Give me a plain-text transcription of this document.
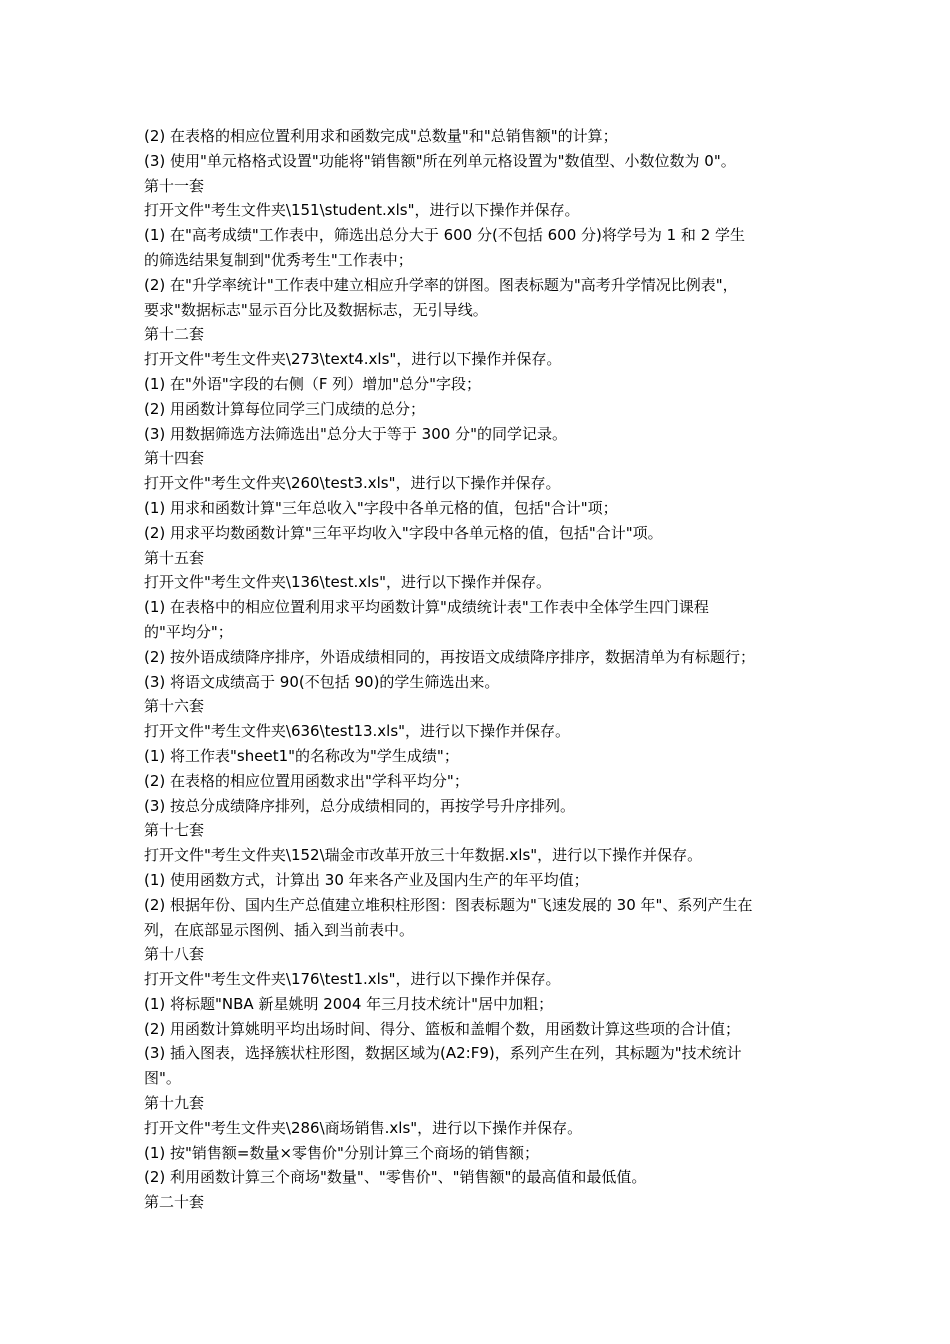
(2) 在表格的相应位置利用求和函数完成"总数量"和"总销售额"的计算；
(3) 使用"单元格格式设置"功能将"销售额"所在列单元格设置为"数值型、小数位数为 0"。
第十一套
打开文件"考生文件夹\151\student.xls"，进行以下操作并保存。
(1) 在"高考成绩"工作表中，筛选出总分大于 600 分(不包括 600 分)将学号为 1 和 2 学生
的筛选结果复制到"优秀考生"工作表中；
(2) 在"升学率统计"工作表中建立相应升学率的饼图。图表标题为"高考升学情况比例表"，
要求"数据标志"显示百分比及数据标志，无引导线。
第十二套
打开文件"考生文件夹\273\text4.xls"，进行以下操作并保存。
(1) 在"外语"字段的右侧（F 列）增加"总分"字段；
(2) 用函数计算每位同学三门成绩的总分；
(3) 用数据筛选方法筛选出"总分大于等于 300 分"的同学记录。
第十四套
打开文件"考生文件夹\260\test3.xls"，进行以下操作并保存。
(1) 用求和函数计算"三年总收入"字段中各单元格的值，包括"合计"项；
(2) 用求平均数函数计算"三年平均收入"字段中各单元格的值，包括"合计"项。
第十五套
打开文件"考生文件夹\136\test.xls"，进行以下操作并保存。
(1) 在表格中的相应位置利用求平均函数计算"成绩统计表"工作表中全体学生四门课程
的"平均分"；
(2) 按外语成绩降序排序，外语成绩相同的，再按语文成绩降序排序，数据清单为有标题行；
(3) 将语文成绩高于 90(不包括 90)的学生筛选出来。
第十六套
打开文件"考生文件夹\636\test13.xls"，进行以下操作并保存。
(1) 将工作表"sheet1"的名称改为"学生成绩"；
(2) 在表格的相应位置用函数求出"学科平均分"；
(3) 按总分成绩降序排列，总分成绩相同的，再按学号升序排列。
第十七套
打开文件"考生文件夹\152\瑞金市改革开放三十年数据.xls"，进行以下操作并保存。
(1) 使用函数方式，计算出 30 年来各产业及国内生产的年平均值；
(2) 根据年份、国内生产总值建立堆积柱形图：图表标题为"飞速发展的 30 年"、系列产生在
列，在底部显示图例、插入到当前表中。
第十八套
打开文件"考生文件夹\176\test1.xls"，进行以下操作并保存。
(1) 将标题"NBA 新星姚明 2004 年三月技术统计"居中加粗；
(2) 用函数计算姚明平均出场时间、得分、篮板和盖帽个数，用函数计算这些项的合计值；
(3) 插入图表，选择簇状柱形图，数据区域为(A2:F9)，系列产生在列，其标题为"技术统计
图"。
第十九套
打开文件"考生文件夹\286\商场销售.xls"，进行以下操作并保存。
(1) 按"销售额=数量×零售价"分别计算三个商场的销售额；
(2) 利用函数计算三个商场"数量"、"零售价"、"销售额"的最高值和最低值。
第二十套
